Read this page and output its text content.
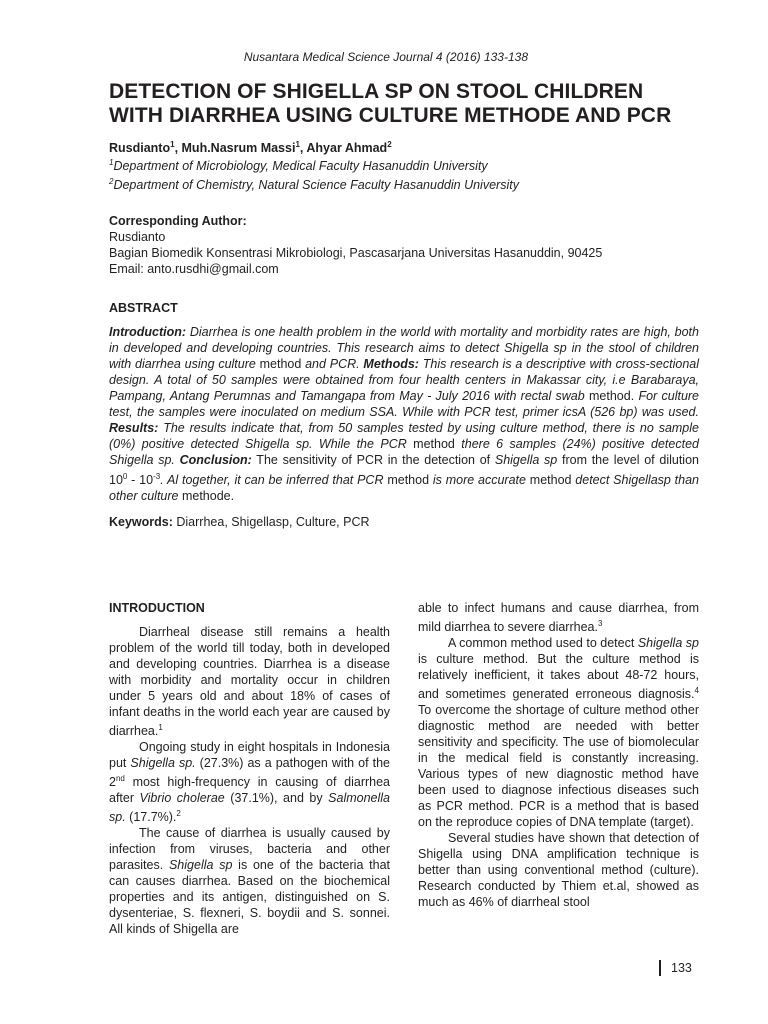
Nusantara Medical Science Journal 4 (2016) 133-138
DETECTION OF SHIGELLA SP ON STOOL CHILDREN WITH DIARRHEA USING CULTURE METHODE AND PCR
Rusdianto$^1$, Muh.Nasrum Massi$^1$, Ahyar Ahmad$^2$
$^1$Department of Microbiology, Medical Faculty Hasanuddin University
$^2$Department of Chemistry, Natural Science Faculty Hasanuddin University
Corresponding Author:
Rusdianto
Bagian Biomedik Konsentrasi Mikrobiologi, Pascasarjana Universitas Hasanuddin, 90425
Email: anto.rusdhi@gmail.com
ABSTRACT
Introduction: Diarrhea is one health problem in the world with mortality and morbidity rates are high, both in developed and developing countries. This research aims to detect Shigella sp in the stool of children with diarrhea using culture method and PCR. Methods: This research is a descriptive with cross-sectional design. A total of 50 samples were obtained from four health centers in Makassar city, i.e Barabaraya, Pampang, Antang Perumnas and Tamangapa from May - July 2016 with rectal swab method. For culture test, the samples were inoculated on medium SSA. While with PCR test, primer icsA (526 bp) was used. Results: The results indicate that, from 50 samples tested by using culture method, there is no sample (0%) positive detected Shigella sp. While the PCR method there 6 samples (24%) positive detected Shigella sp. Conclusion: The sensitivity of PCR in the detection of Shigella sp from the level of dilution $10^0 - 10^{-3}$. Al together, it can be inferred that PCR method is more accurate method detect Shigellasp than other culture methode.
Keywords: Diarrhea, Shigellasp, Culture, PCR
INTRODUCTION

Diarrheal disease still remains a health problem of the world till today, both in developed and developing countries. Diarrhea is a disease with morbidity and mortality occur in children under 5 years old and about 18% of cases of infant deaths in the world each year are caused by diarrhea.$^1$

Ongoing study in eight hospitals in Indonesia put Shigella sp. (27.3%) as a pathogen with of the 2nd most high-frequency in causing of diarrhea after Vibrio cholerae (37.1%), and by Salmonella sp. (17.7%).$^2$

The cause of diarrhea is usually caused by infection from viruses, bacteria and other parasites. Shigella sp is one of the bacteria that can causes diarrhea. Based on the biochemical properties and its antigen, distinguished on S. dysenteriae, S. flexneri, S. boydii and S. sonnei. All kinds of Shigella are

able to infect humans and cause diarrhea, from mild diarrhea to severe diarrhea.$^3$

A common method used to detect Shigella sp is culture method. But the culture method is relatively inefficient, it takes about 48-72 hours, and sometimes generated erroneous diagnosis.$^4$ To overcome the shortage of culture method other diagnostic method are needed with better sensitivity and specificity. The use of biomolecular in the medical field is constantly increasing. Various types of new diagnostic method have been used to diagnose infectious diseases such as PCR method. PCR is a method that is based on the reproduce copies of DNA template (target).

Several studies have shown that detection of Shigella using DNA amplification technique is better than using conventional method (culture). Research conducted by Thiem et.al, showed as much as 46% of diarrheal stool

133
